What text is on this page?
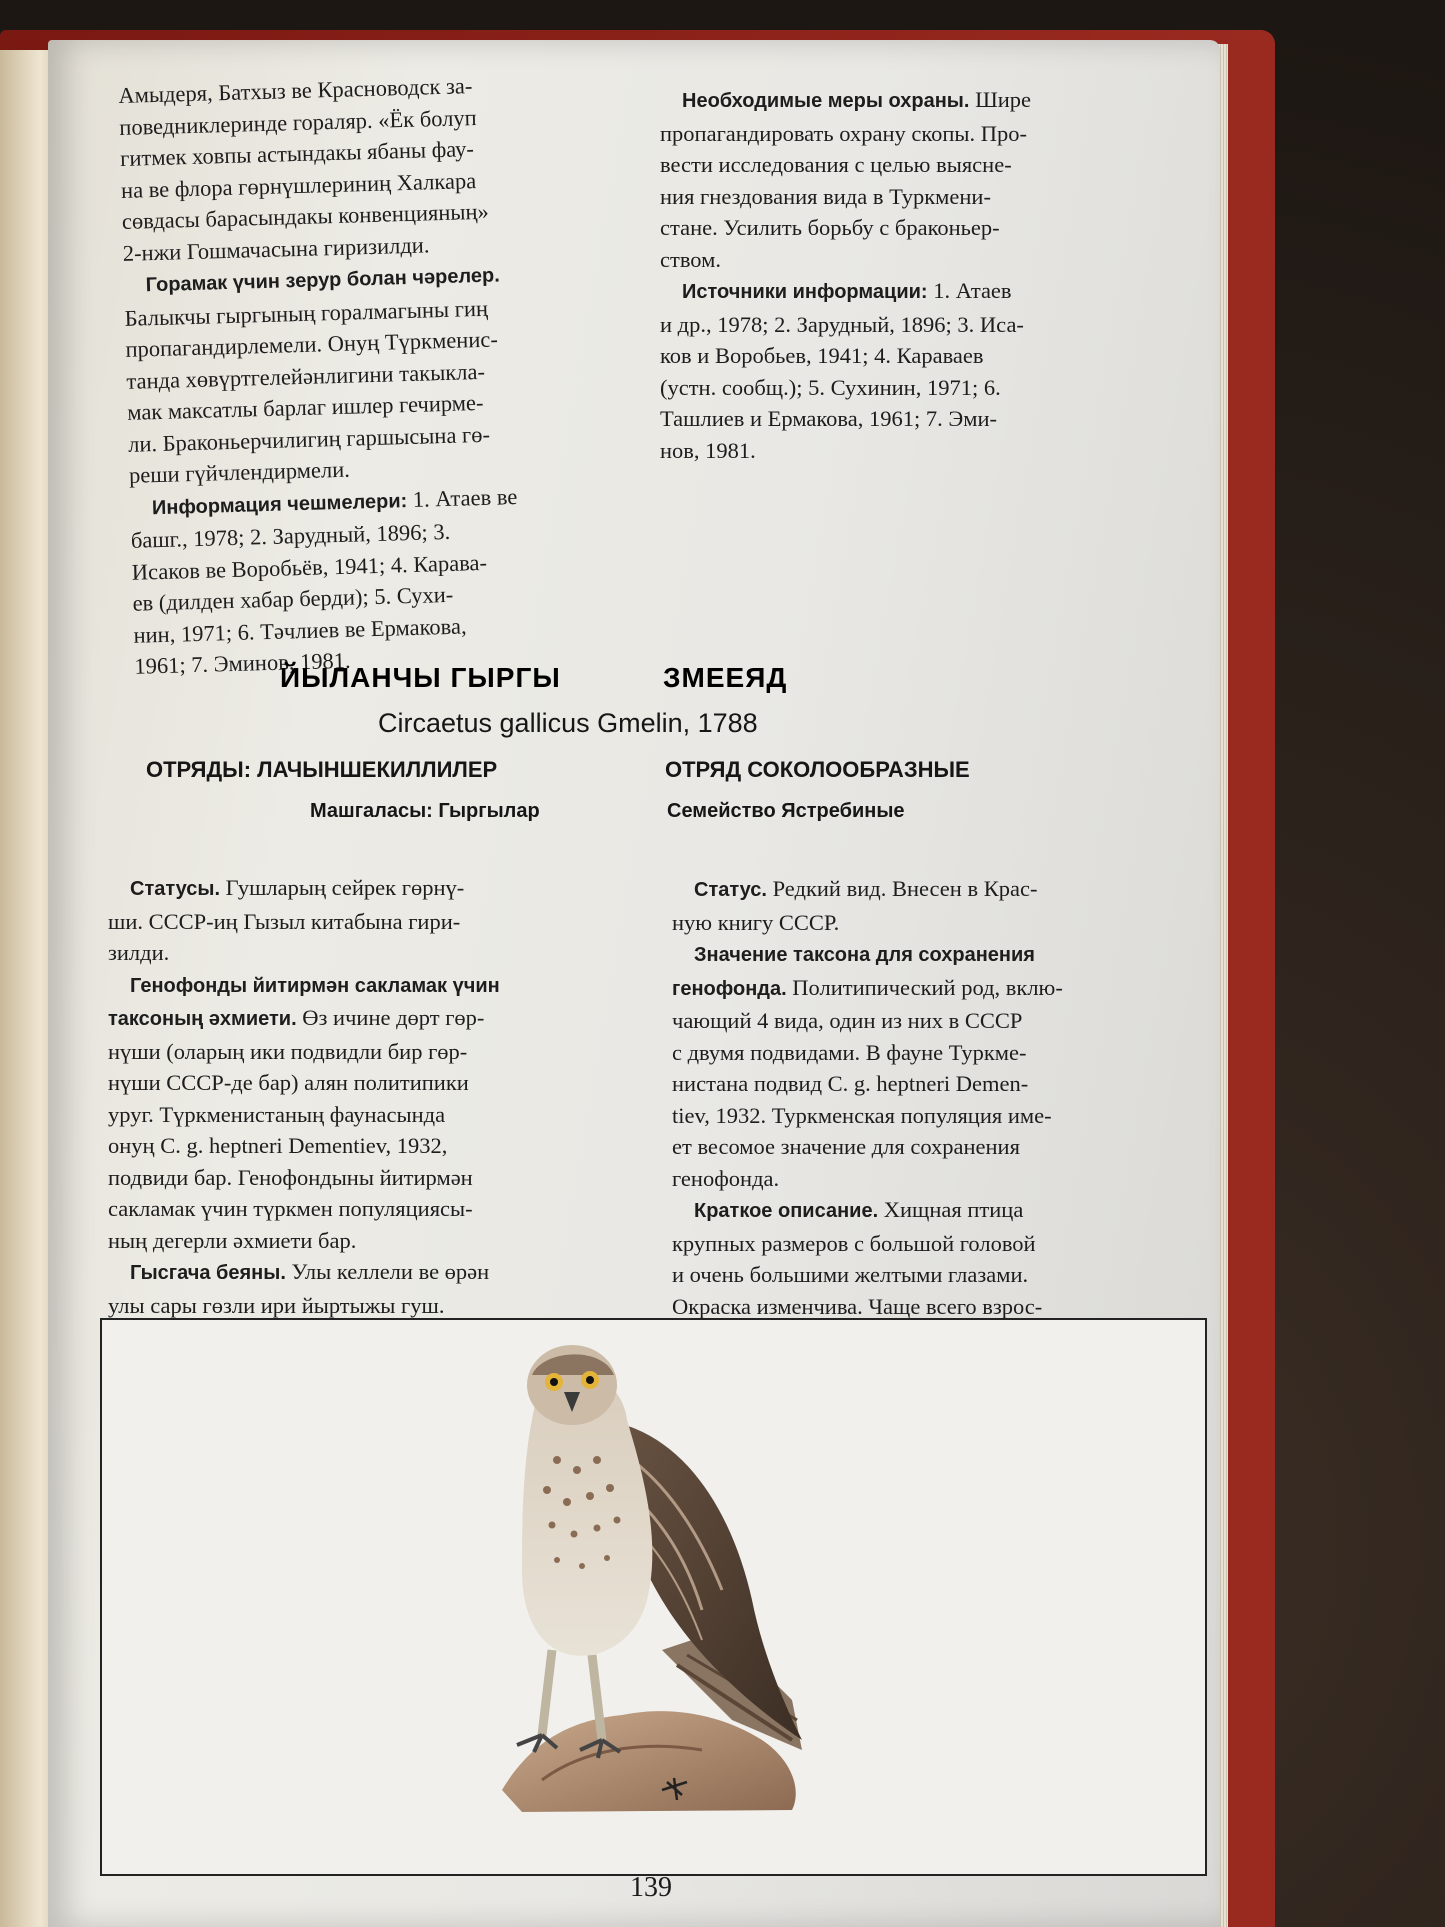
Амыдеря, Батхыз ве Красноводск за-

поведниклеринде гораляр. «Ёк болуп

гитмек ховпы астындакы ябаны фау-

на ве флора гөрнүшлериниң Халкара

сөвдасы барасындакы конвенцияның»

2-нжи Гошмачасына гиризилди.

Горамак үчин зерур болан чәрелер.

Балыкчы гыргының горалмагыны гиң

пропагандирлемели. Онуң Түркменис-

танда хөвүртгелейәнлигини такыкла-

мак максатлы барлаг ишлер гечирме-

ли. Браконьерчилигиң гаршысына гө-

реши гүйчлендирмели.

Информация чешмелери: 1. Атаев ве

башг., 1978; 2. Зарудный, 1896; 3.

Исаков ве Воробьёв, 1941; 4. Карава-

ев (дилден хабар берди); 5. Сухи-

нин, 1971; 6. Тәчлиев ве Ермакова,

1961; 7. Эминов, 1981.

Необходимые меры охраны. Шире

пропагандировать охрану скопы. Про-

вести исследования с целью выясне-

ния гнездования вида в Туркмени-

стане. Усилить борьбу с браконьер-

ством.

Источники информации: 1. Атаев

и др., 1978; 2. Зарудный, 1896; 3. Иса-

ков и Воробьев, 1941; 4. Караваев

(устн. сообщ.); 5. Сухинин, 1971; 6.

Ташлиев и Ермакова, 1961; 7. Эми-

нов, 1981.

ЙЫЛАНЧЫ ГЫРГЫ	ЗМЕЕЯД
Circaetus gallicus Gmelin, 1788
ОТРЯДЫ: ЛАЧЫНШЕКИЛЛИЛЕР	ОТРЯД СОКОЛООБРАЗНЫЕ
Машгаласы: Гыргылар	Семейство Ястребиные

Статусы. Гушларың сейрек гөрнү-

ши. СССР-иң Гызыл китабына гири-

зилди.

Генофонды йитирмән сакламак үчин

таксоның әхмиети. Өз ичине дөрт гөр-

нүши (оларың ики подвидли бир гөр-

нүши СССР-де бар) алян политипики

уруг. Түркменистаның фаунасында

онуң C. g. heptneri Dementiev, 1932,

подвиди бар. Генофондыны йитирмән

сакламак үчин түркмен популяциясы-

ның дегерли әхмиети бар.

Гысгача беяны. Улы келлели ве өрән

улы сары гөзли ири йыртыжы гуш.

Статус. Редкий вид. Внесен в Крас-

ную книгу СССР.

Значение таксона для сохранения

генофонда. Политипический род, вклю-

чающий 4 вида, один из них в СССР

с двумя подвидами. В фауне Туркме-

нистана подвид C. g. heptneri Demen-

tiev, 1932. Туркменская популяция име-

ет весомое значение для сохранения

генофонда.

Краткое описание. Хищная птица

крупных размеров с большой головой

и очень большими желтыми глазами.

Окраска изменчива. Чаще всего взрос-

139
